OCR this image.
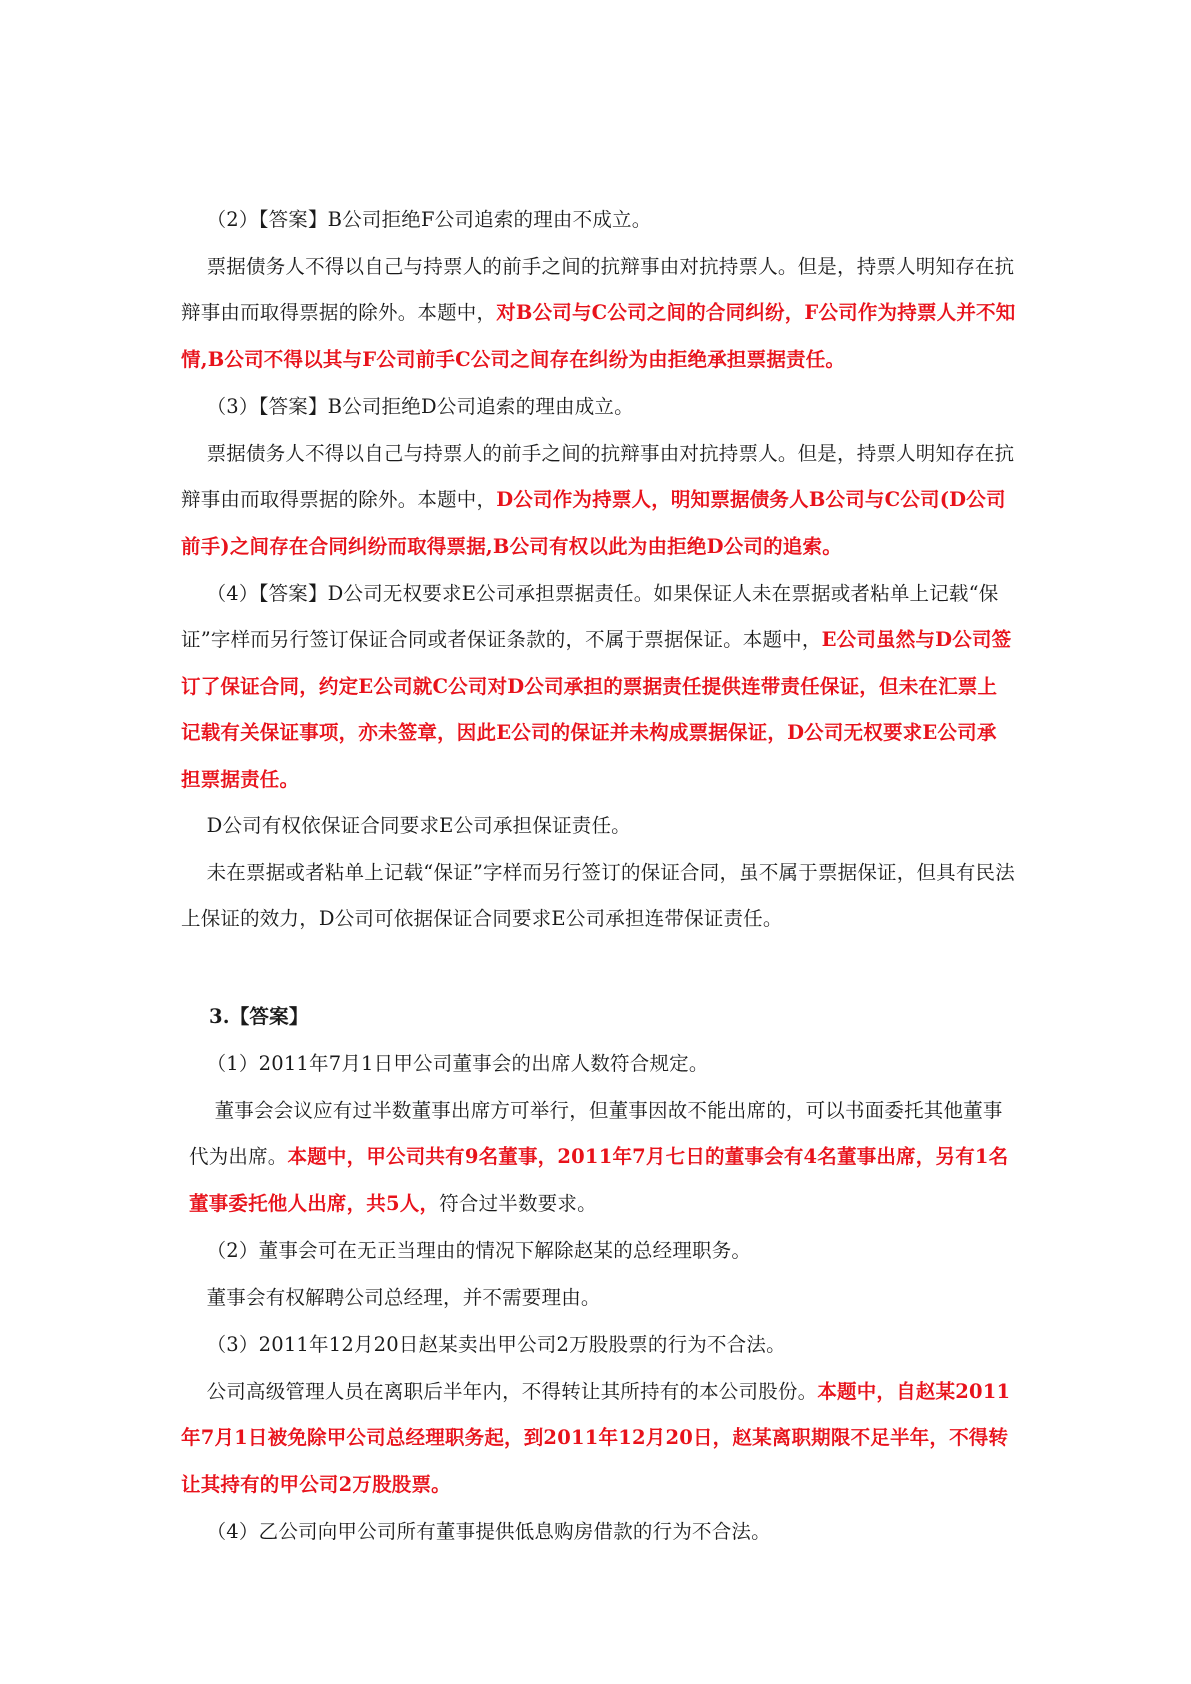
（2）【答案】B公司拒绝F公司追索的理由不成立。

票据债务人不得以自己与持票人的前手之间的抗辩事由对抗持票人。但是，持票人明知存在抗辩事由而取得票据的除外。本题中，对B公司与C公司之间的合同纠纷，F公司作为持票人并不知情,B公司不得以其与F公司前手C公司之间存在纠纷为由拒绝承担票据责任。

（3）【答案】B公司拒绝D公司追索的理由成立。

票据债务人不得以自己与持票人的前手之间的抗辩事由对抗持票人。但是，持票人明知存在抗辩事由而取得票据的除外。本题中，D公司作为持票人，明知票据债务人B公司与C公司(D公司前手)之间存在合同纠纷而取得票据,B公司有权以此为由拒绝D公司的追索。

（4）【答案】D公司无权要求E公司承担票据责任。如果保证人未在票据或者粘单上记载“保证”字样而另行签订保证合同或者保证条款的，不属于票据保证。本题中，E公司虽然与D公司签订了保证合同，约定E公司就C公司对D公司承担的票据责任提供连带责任保证，但未在汇票上记载有关保证事项，亦未签章，因此E公司的保证并未构成票据保证，D公司无权要求E公司承担票据责任。

D公司有权依保证合同要求E公司承担保证责任。

未在票据或者粘单上记载“保证”字样而另行签订的保证合同，虽不属于票据保证，但具有民法上保证的效力，D公司可依据保证合同要求E公司承担连带保证责任。

3.【答案】

（1）2011年7月1日甲公司董事会的出席人数符合规定。

董事会会议应有过半数董事出席方可举行，但董事因故不能出席的，可以书面委托其他董事代为出席。本题中，甲公司共有9名董事，2011年7月七日的董事会有4名董事出席，另有1名董事委托他人出席，共5人，符合过半数要求。

（2）董事会可在无正当理由的情况下解除赵某的总经理职务。

董事会有权解聘公司总经理，并不需要理由。

（3）2011年12月20日赵某卖出甲公司2万股股票的行为不合法。

公司高级管理人员在离职后半年内，不得转让其所持有的本公司股份。本题中，自赵某2011年7月1日被免除甲公司总经理职务起，到2011年12月20日，赵某离职期限不足半年，不得转让其持有的甲公司2万股股票。

（4）乙公司向甲公司所有董事提供低息购房借款的行为不合法。
